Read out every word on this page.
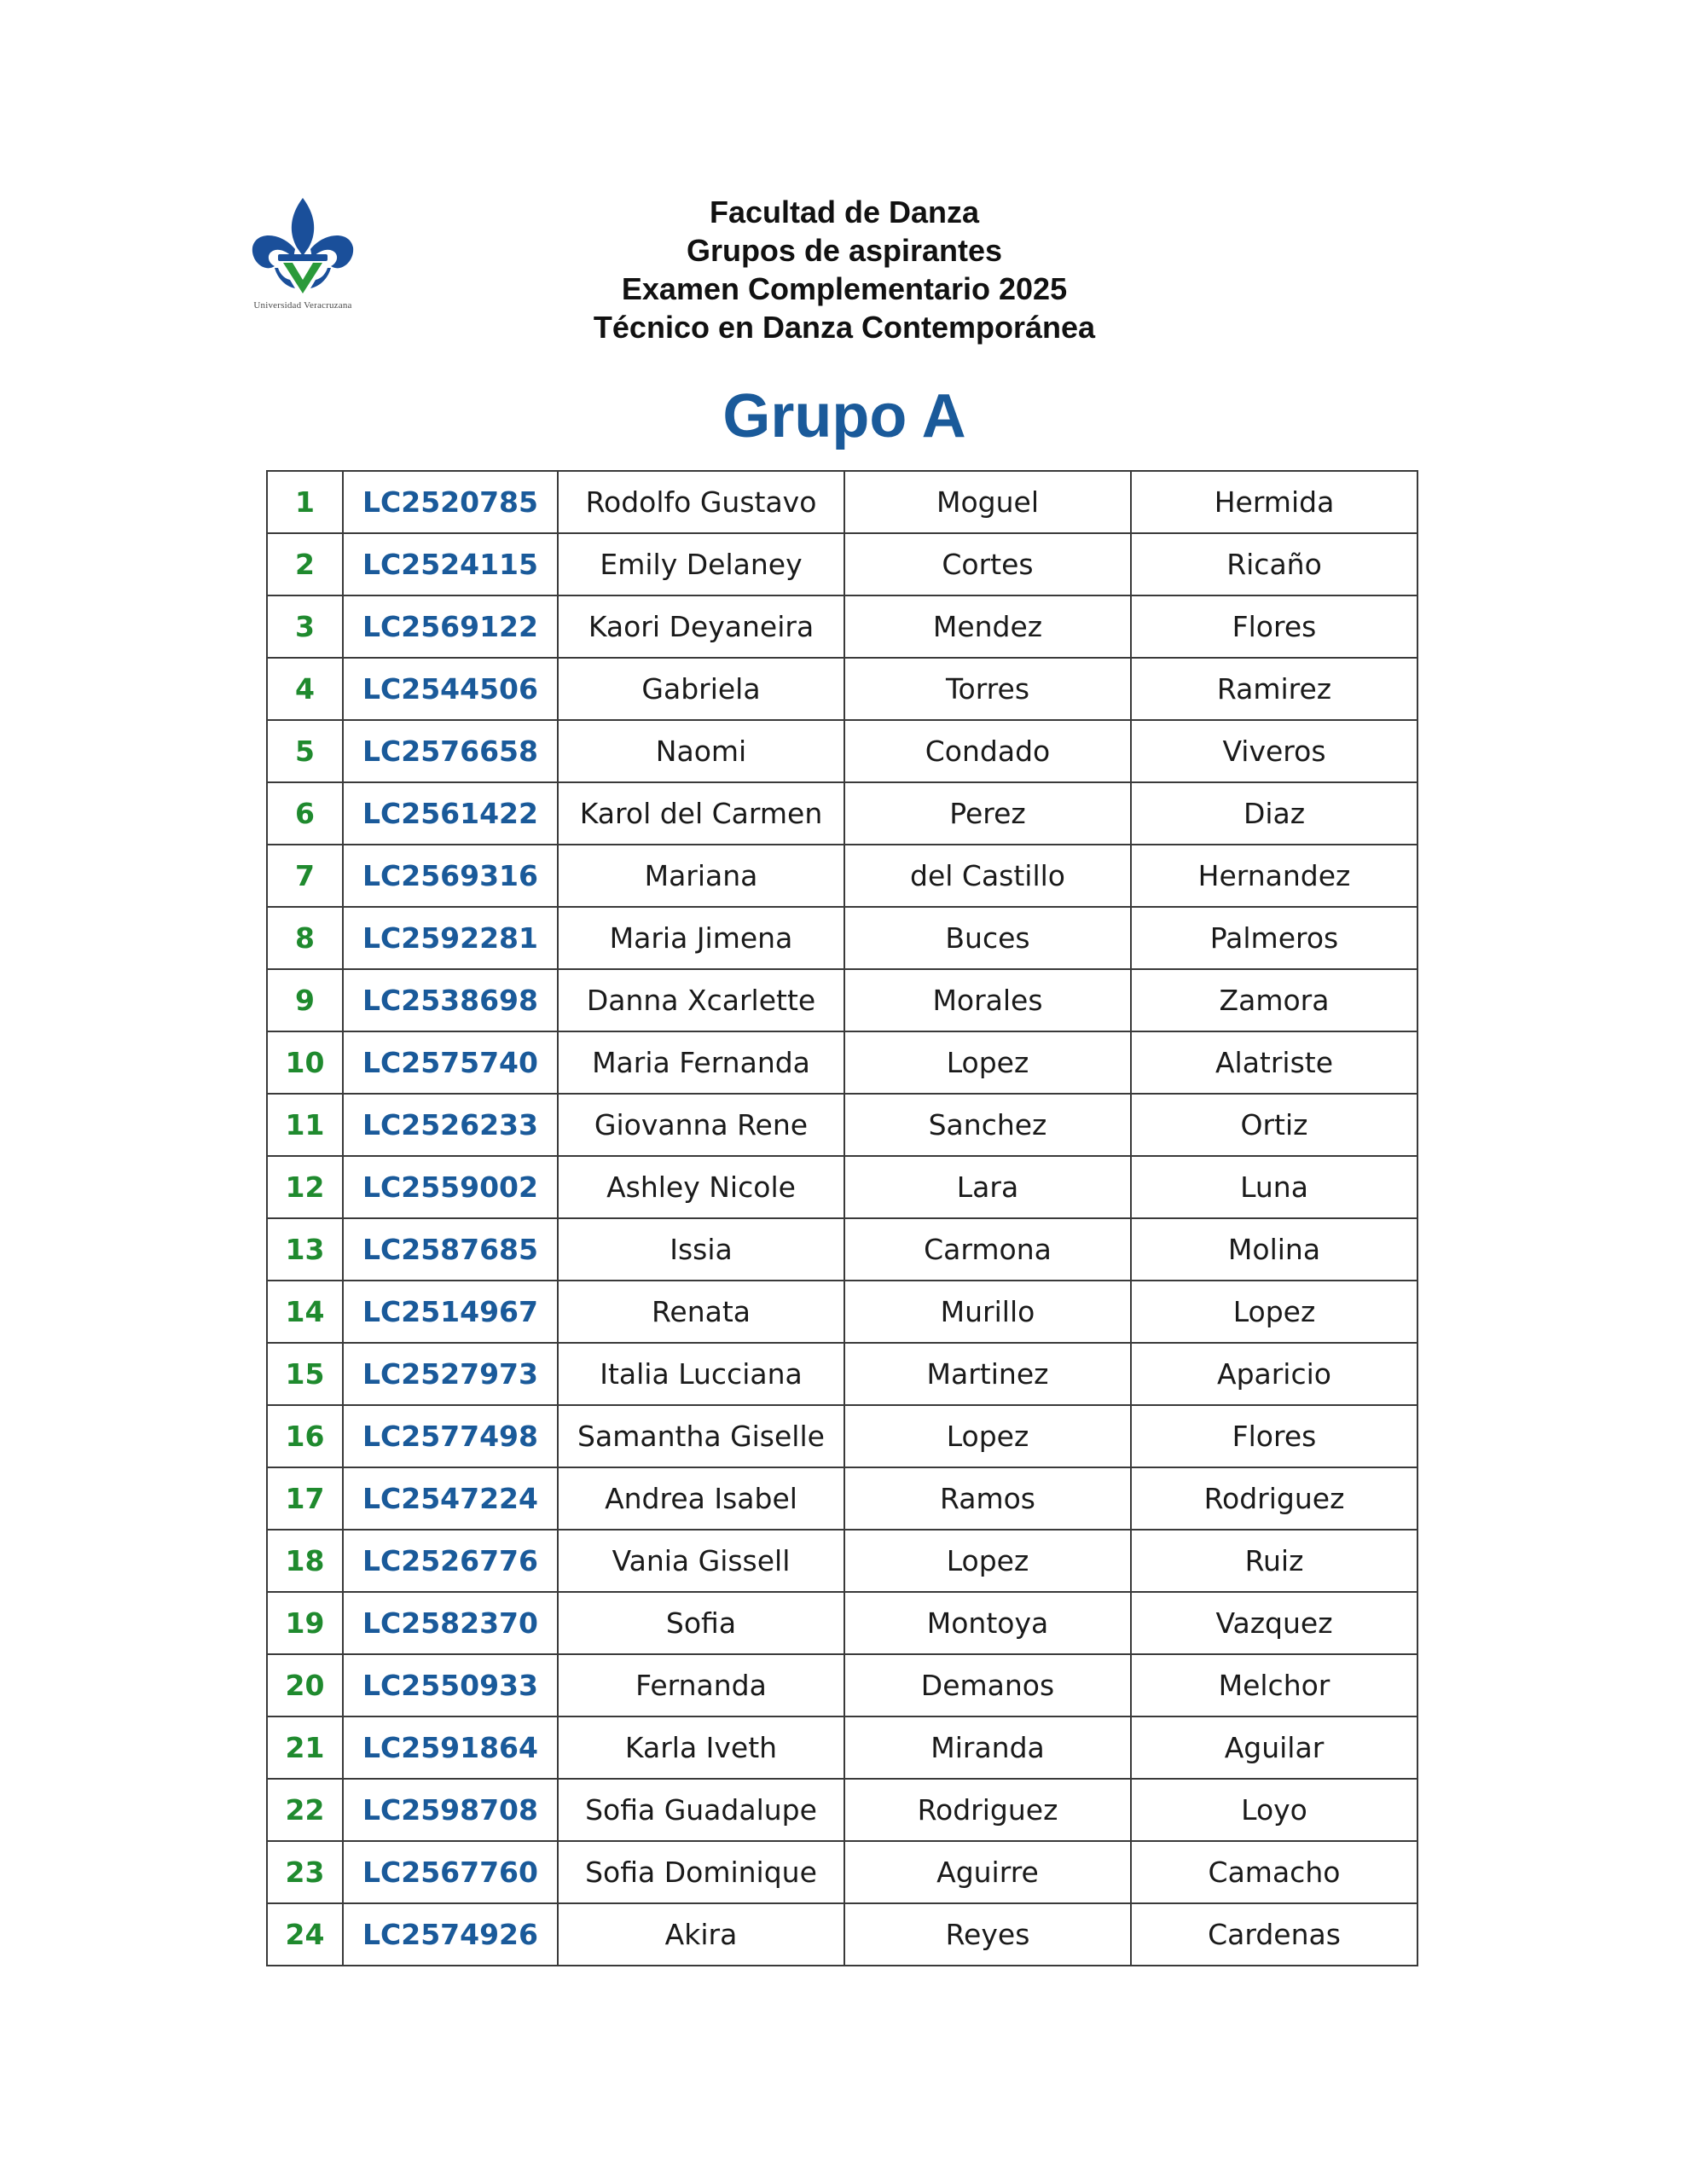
Universidad Veracruzana
Facultad de Danza
Grupos de aspirantes
Examen Complementario 2025
Técnico en Danza Contemporánea
Grupo A
1	LC2520785	Rodolfo Gustavo	Moguel	Hermida
2	LC2524115	Emily Delaney	Cortes	Ricaño
3	LC2569122	Kaori Deyaneira	Mendez	Flores
4	LC2544506	Gabriela	Torres	Ramirez
5	LC2576658	Naomi	Condado	Viveros
6	LC2561422	Karol del Carmen	Perez	Diaz
7	LC2569316	Mariana	del Castillo	Hernandez
8	LC2592281	Maria Jimena	Buces	Palmeros
9	LC2538698	Danna Xcarlette	Morales	Zamora
10	LC2575740	Maria Fernanda	Lopez	Alatriste
11	LC2526233	Giovanna Rene	Sanchez	Ortiz
12	LC2559002	Ashley Nicole	Lara	Luna
13	LC2587685	Issia	Carmona	Molina
14	LC2514967	Renata	Murillo	Lopez
15	LC2527973	Italia Lucciana	Martinez	Aparicio
16	LC2577498	Samantha Giselle	Lopez	Flores
17	LC2547224	Andrea Isabel	Ramos	Rodriguez
18	LC2526776	Vania Gissell	Lopez	Ruiz
19	LC2582370	Sofia	Montoya	Vazquez
20	LC2550933	Fernanda	Demanos	Melchor
21	LC2591864	Karla Iveth	Miranda	Aguilar
22	LC2598708	Sofia Guadalupe	Rodriguez	Loyo
23	LC2567760	Sofia Dominique	Aguirre	Camacho
24	LC2574926	Akira	Reyes	Cardenas
